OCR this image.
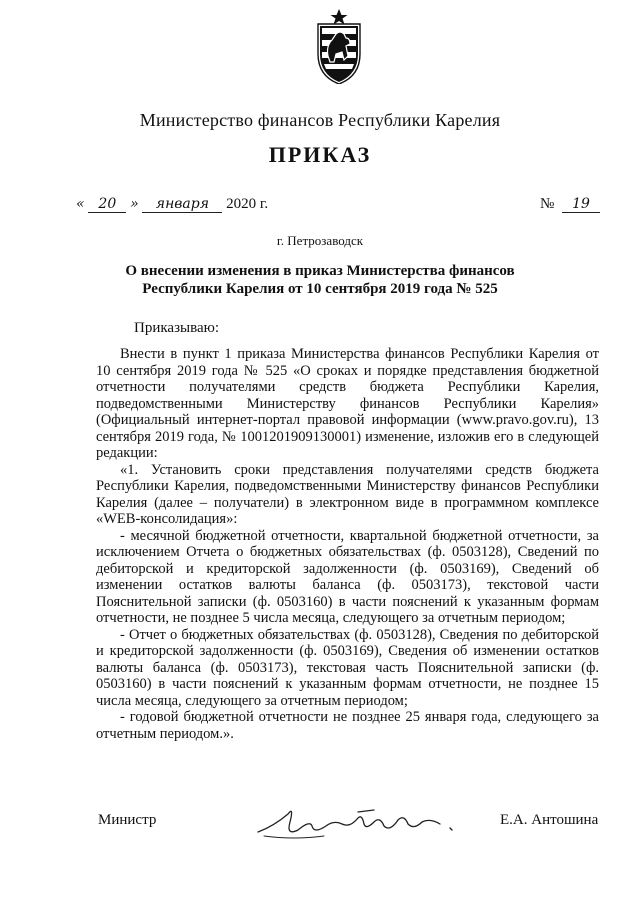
Министерство финансов Республики Карелия
ПРИКАЗ
« 20 » января 2020 г.	№ 19
г. Петрозаводск
О внесении изменения в приказ Министерства финансов Республики Карелия от 10 сентября 2019 года № 525
Приказываю:

Внести в пункт 1 приказа Министерства финансов Республики Карелия от 10 сентября 2019 года № 525 «О сроках и порядке представления бюджетной отчетности получателями средств бюджета Республики Карелия, подведомственными Министерству финансов Республики Карелия» (Официальный интернет-портал правовой информации (www.pravo.gov.ru), 13 сентября 2019 года, № 1001201909130001) изменение, изложив его в следующей редакции:

«1. Установить сроки представления получателями средств бюджета Республики Карелия, подведомственными Министерству финансов Республики Карелия (далее – получатели) в электронном виде в программном комплексе «WEB-консолидация»:

- месячной бюджетной отчетности, квартальной бюджетной отчетности, за исключением Отчета о бюджетных обязательствах (ф. 0503128), Сведений по дебиторской и кредиторской задолженности (ф. 0503169), Сведений об изменении остатков валюты баланса (ф. 0503173), текстовой части Пояснительной записки (ф. 0503160) в части пояснений к указанным формам отчетности, не позднее 5 числа месяца, следующего за отчетным периодом;

- Отчет о бюджетных обязательствах (ф. 0503128), Сведения по дебиторской и кредиторской задолженности (ф. 0503169), Сведения об изменении остатков валюты баланса (ф. 0503173), текстовая часть Пояснительной записки (ф. 0503160) в части пояснений к указанным формам отчетности, не позднее 15 числа месяца, следующего за отчетным периодом;

- годовой бюджетной отчетности не позднее 25 января года, следующего за отчетным периодом.».

Министр	Е.А. Антошина
